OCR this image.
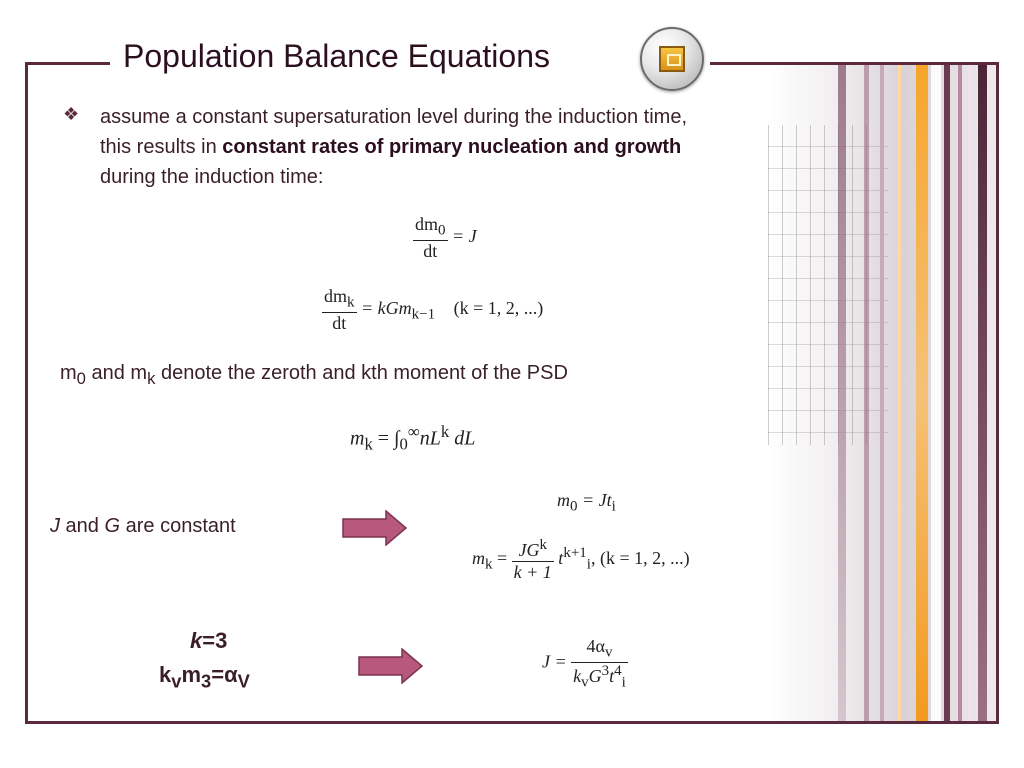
Population Balance Equations
❖ assume a constant supersaturation level during the induction time,
this results in constant rates of primary nucleation and growth
during the induction time:
$\frac{dm_0}{dt} = J$
$\frac{dm_k}{dt} = kGm_{k-1}$ (k = 1, 2, ...)
$m_0$ and $m_k$ denote the zeroth and kth moment of the PSD
$m_k = \int_0^\infty nL^k$ dL
J and G are constant
$m_0 = Jt_i$
$m_k = \frac{JG^k}{k + 1} t^{k+1}_i$, (k = 1, 2, ...)
k=3
$k_vm_3=\alpha_V$
$J = \frac{4\alpha_v}{k_vG^3t^4_i}$
